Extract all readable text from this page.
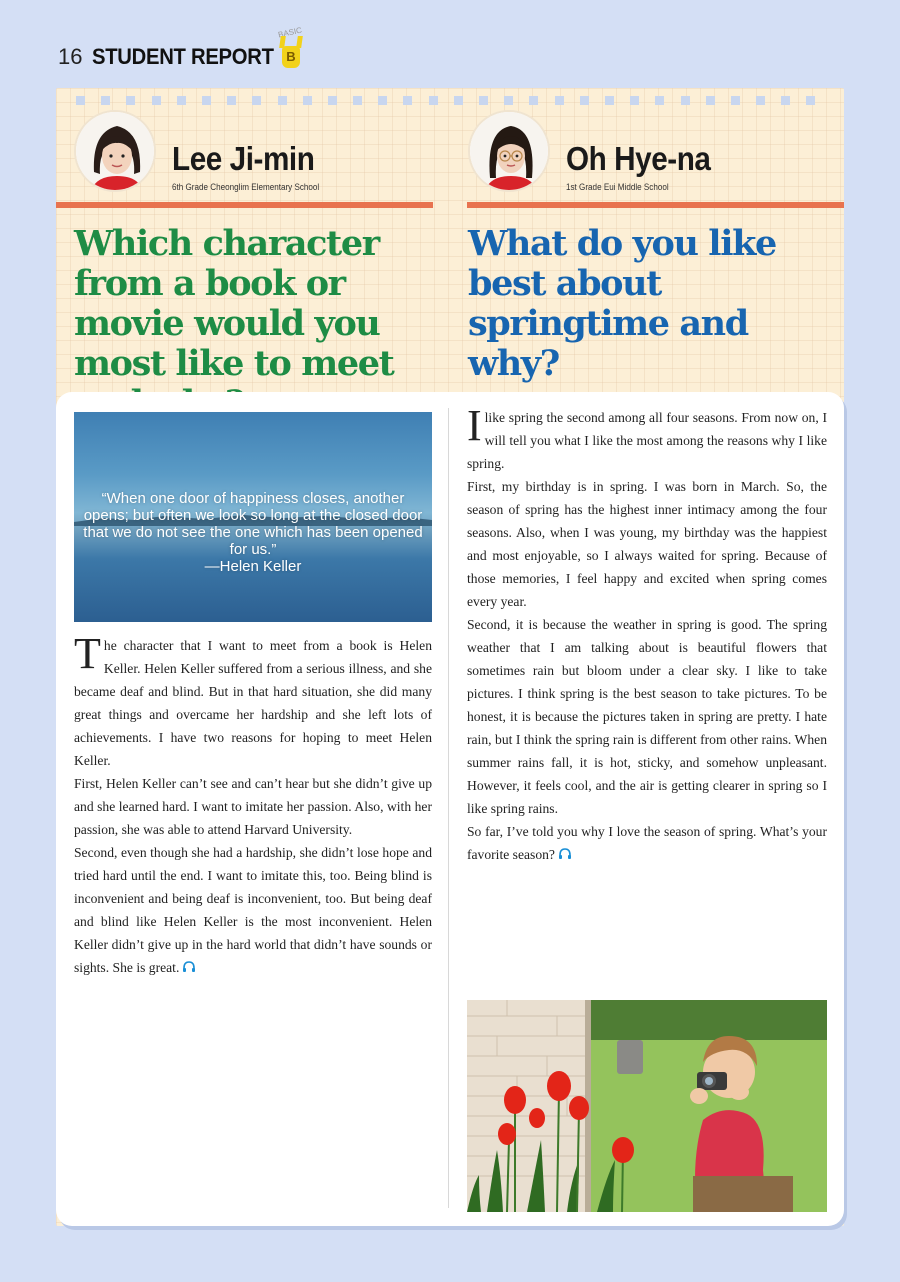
16 STUDENT REPORT
BASIC
B
Lee Ji-min
6th Grade Cheonglim Elementary School
Oh Hye-na
1st Grade Eui Middle School
Which character from a book or movie would you most like to meet
What do you like best about springtime and why?
“When one door of happiness closes, another opens; but often we look so long at the closed door that we do not see the one which has been opened for us.”
—Helen Keller
T he character that I want to meet from a book is Helen Keller. Helen Keller suffered from a serious illness, and she became deaf and blind. But in that hard situation, she did many great things and overcame her hardship and she left lots of achievements. I have two reasons for hoping to meet Helen Keller.

First, Helen Keller can’t see and can’t hear but she didn’t give up and she learned hard. I want to imitate her passion. Also, with her passion, she was able to attend Harvard University.

Second, even though she had a hardship, she didn’t lose hope and tried hard until the end. I want to imitate this, too. Being blind is inconvenient and being deaf is inconvenient, too. But being deaf and blind like Helen Keller is the most inconvenient. Helen Keller didn’t give up in the hard world that didn’t have sounds or sights. She is great.

I like spring the second among all four seasons. From now on, I will tell you what I like the most among the reasons why I like spring.

First, my birthday is in spring. I was born in March. So, the season of spring has the highest inner intimacy among the four seasons. Also, when I was young, my birthday was the happiest and most enjoyable, so I always waited for spring. Because of those memories, I feel happy and excited when spring comes every year.

Second, it is because the weather in spring is good. The spring weather that I am talking about is beautiful flowers that sometimes rain but bloom under a clear sky. I like to take pictures. I think spring is the best season to take pictures. To be honest, it is because the pictures taken in spring are pretty. I hate rain, but I think the spring rain is different from other rains. When summer rains fall, it is hot, sticky, and somehow unpleasant. However, it feels cool, and the air is getting clearer in spring so I like spring rains.

So far, I’ve told you why I love the season of spring. What’s your favorite season?
